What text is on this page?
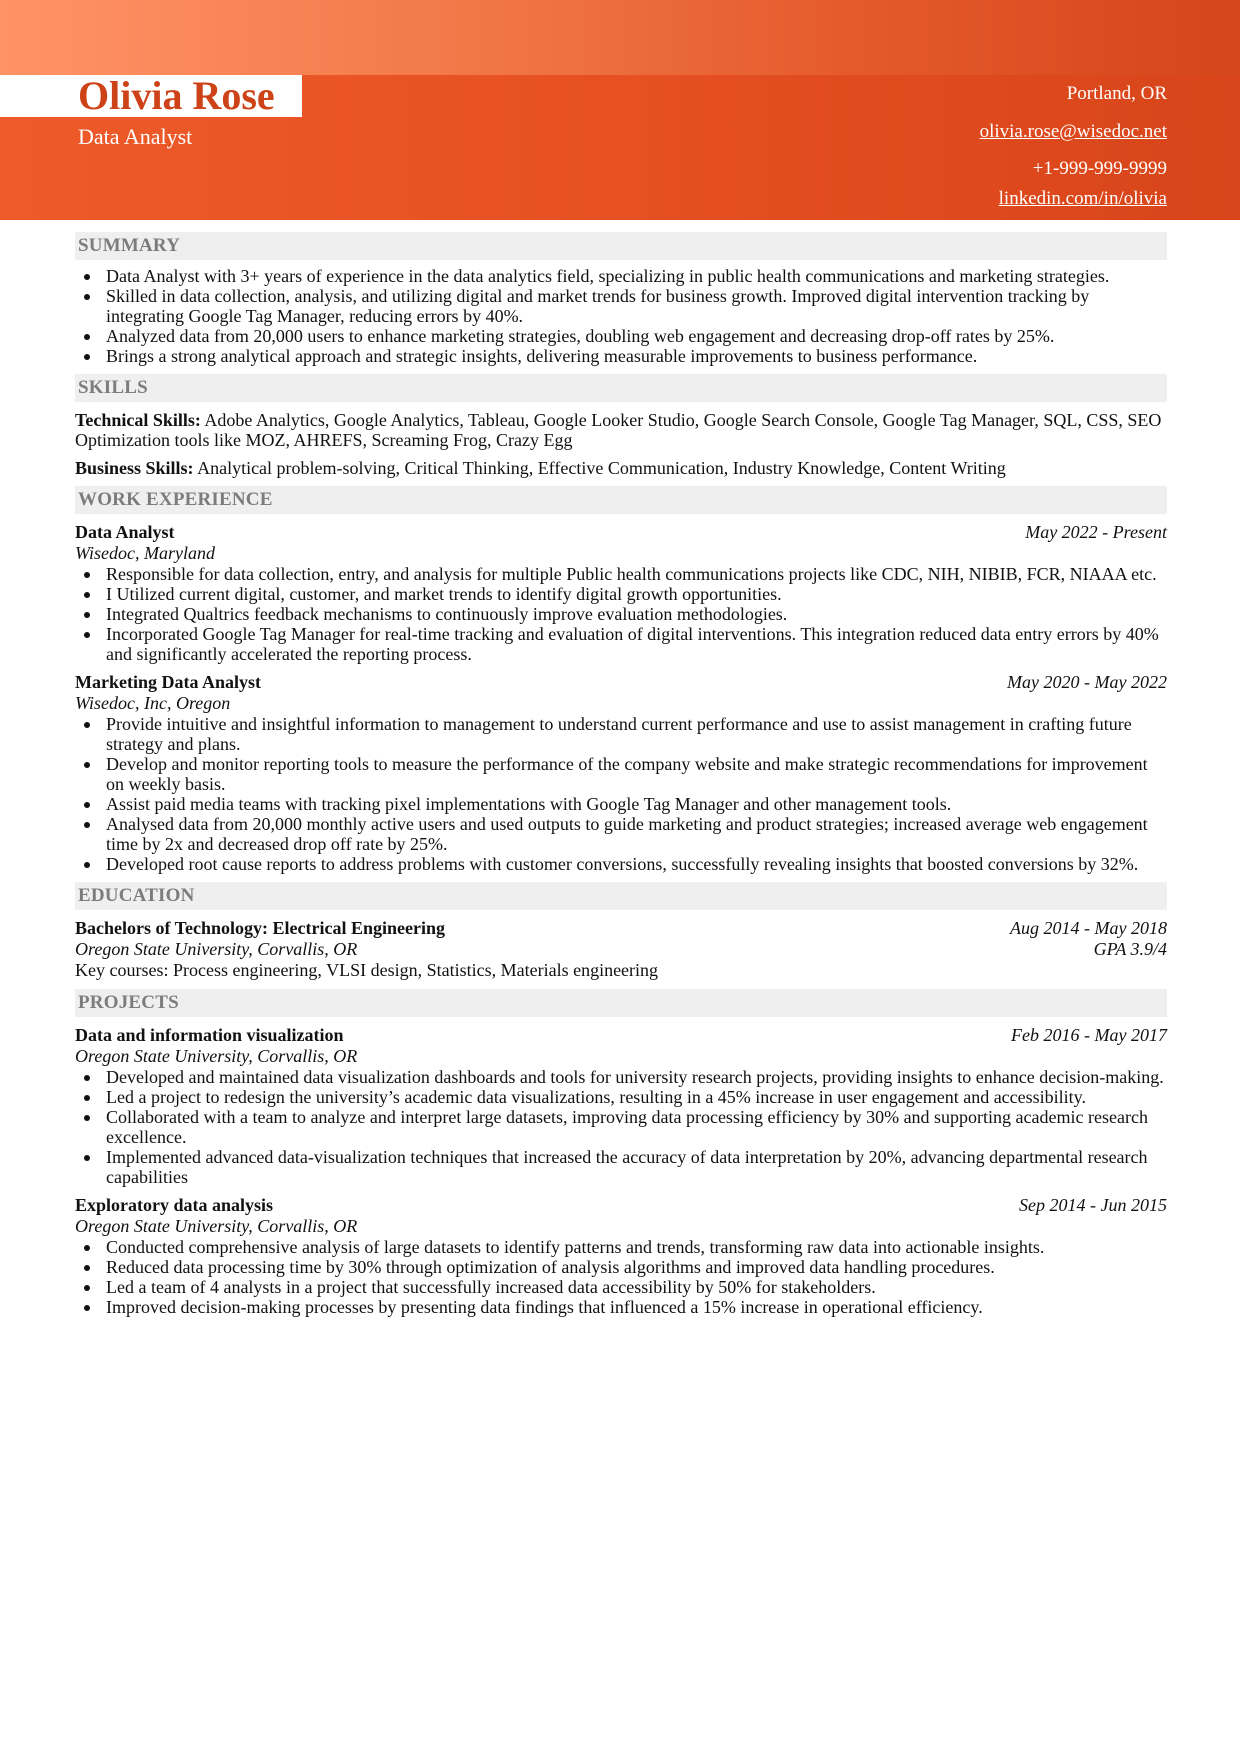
Olivia Rose
Data Analyst
Portland, OR
olivia.rose@wisedoc.net
+1-999-999-9999
linkedin.com/in/olivia
SUMMARY
Data Analyst with 3+ years of experience in the data analytics field, specializing in public health communications and marketing strategies.
Skilled in data collection, analysis, and utilizing digital and market trends for business growth. Improved digital intervention tracking by integrating Google Tag Manager, reducing errors by 40%.
Analyzed data from 20,000 users to enhance marketing strategies, doubling web engagement and decreasing drop-off rates by 25%.
Brings a strong analytical approach and strategic insights, delivering measurable improvements to business performance.
SKILLS
Technical Skills: Adobe Analytics, Google Analytics, Tableau, Google Looker Studio, Google Search Console, Google Tag Manager, SQL, CSS, SEO Optimization tools like MOZ, AHREFS, Screaming Frog, Crazy Egg
Business Skills: Analytical problem-solving, Critical Thinking, Effective Communication, Industry Knowledge, Content Writing
WORK EXPERIENCE
Data Analyst	May 2022 - Present
Wisedoc, Maryland
Responsible for data collection, entry, and analysis for multiple Public health communications projects like CDC, NIH, NIBIB, FCR, NIAAA etc.
I Utilized current digital, customer, and market trends to identify digital growth opportunities.
Integrated Qualtrics feedback mechanisms to continuously improve evaluation methodologies.
Incorporated Google Tag Manager for real-time tracking and evaluation of digital interventions. This integration reduced data entry errors by 40% and significantly accelerated the reporting process.
Marketing Data Analyst	May 2020 - May 2022
Wisedoc, Inc, Oregon
Provide intuitive and insightful information to management to understand current performance and use to assist management in crafting future strategy and plans.
Develop and monitor reporting tools to measure the performance of the company website and make strategic recommendations for improvement on weekly basis.
Assist paid media teams with tracking pixel implementations with Google Tag Manager and other management tools.
Analysed data from 20,000 monthly active users and used outputs to guide marketing and product strategies; increased average web engagement time by 2x and decreased drop off rate by 25%.
Developed root cause reports to address problems with customer conversions, successfully revealing insights that boosted conversions by 32%.
EDUCATION
Bachelors of Technology: Electrical Engineering	Aug 2014 - May 2018
Oregon State University, Corvallis, OR	GPA 3.9/4
Key courses: Process engineering, VLSI design, Statistics, Materials engineering
PROJECTS
Data and information visualization	Feb 2016 - May 2017
Oregon State University, Corvallis, OR
Developed and maintained data visualization dashboards and tools for university research projects, providing insights to enhance decision-making.
Led a project to redesign the university’s academic data visualizations, resulting in a 45% increase in user engagement and accessibility.
Collaborated with a team to analyze and interpret large datasets, improving data processing efficiency by 30% and supporting academic research excellence.
Implemented advanced data-visualization techniques that increased the accuracy of data interpretation by 20%, advancing departmental research capabilities
Exploratory data analysis	Sep 2014 - Jun 2015
Oregon State University, Corvallis, OR
Conducted comprehensive analysis of large datasets to identify patterns and trends, transforming raw data into actionable insights.
Reduced data processing time by 30% through optimization of analysis algorithms and improved data handling procedures.
Led a team of 4 analysts in a project that successfully increased data accessibility by 50% for stakeholders.
Improved decision-making processes by presenting data findings that influenced a 15% increase in operational efficiency.
